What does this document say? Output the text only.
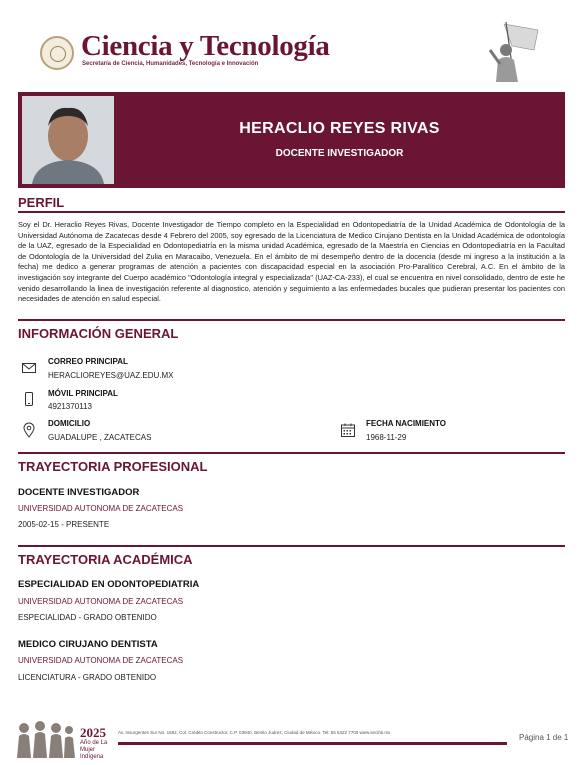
Ciencia y Tecnología
Secretaría de Ciencia, Humanidades, Tecnología e Innovación
HERACLIO REYES RIVAS
DOCENTE INVESTIGADOR
PERFIL
Soy el Dr. Heraclio Reyes Rivas, Docente Investigador de Tiempo completo en la Especialidad en Odontopediatría de la Unidad Académica de Odontología de la Universidad Autónoma de Zacatecas desde 4 Febrero del 2005, soy egresado de la Licenciatura de Medico Cirujano Dentista en la Unidad Académica de odontología de la UAZ, egresado de la Especialidad en Odontopediatría en la misma unidad Académica, egresado de la Maestría en Ciencias en Odontopediatría en la Facultad de Odontología de la Universidad del Zulia en Maracaibo, Venezuela. En el ámbito de mi desempeño dentro de la docencia (desde mi ingreso a la institución a la fecha) me dedico a generar programas de atención a pacientes con discapacidad especial en la asociación Pro-Paralítico Cerebral, A.C. En el ámbito de la investigación soy integrante del Cuerpo académico "Odontología integral y especializada" (UAZ-CA-233), el cual se encuentra en nivel consolidado, dentro de este he venido desarrollando la linea de investigación referente al diagnostico, atención y seguimiento a las enfermedades bucales que pudieran presentar los pacientes con necesidades de atención en salud especial.
INFORMACIÓN GENERAL
CORREO PRINCIPAL
HERACLIOREYES@UAZ.EDU.MX
MÓVIL PRINCIPAL
4921370113
DOMICILIO
GUADALUPE , ZACATECAS
FECHA NACIMIENTO
1968-11-29
TRAYECTORIA PROFESIONAL
DOCENTE INVESTIGADOR
UNIVERSIDAD AUTONOMA DE ZACATECAS
2005-02-15 - PRESENTE
TRAYECTORIA ACADÉMICA
ESPECIALIDAD EN ODONTOPEDIATRIA
UNIVERSIDAD AUTONOMA DE ZACATECAS
ESPECIALIDAD - GRADO OBTENIDO
MEDICO CIRUJANO DENTISTA
UNIVERSIDAD AUTONOMA DE ZACATECAS
LICENCIATURA - GRADO OBTENIDO
2025
Año de La Mujer Indígena
Av. Insurgentes Sur No. 1582, Col. Crédito Constructor, C.P. 03940, Benito Juárez, Ciudad de México. Tel: 55 5322 7700 www.secihti.mx
Página 1 de 1
